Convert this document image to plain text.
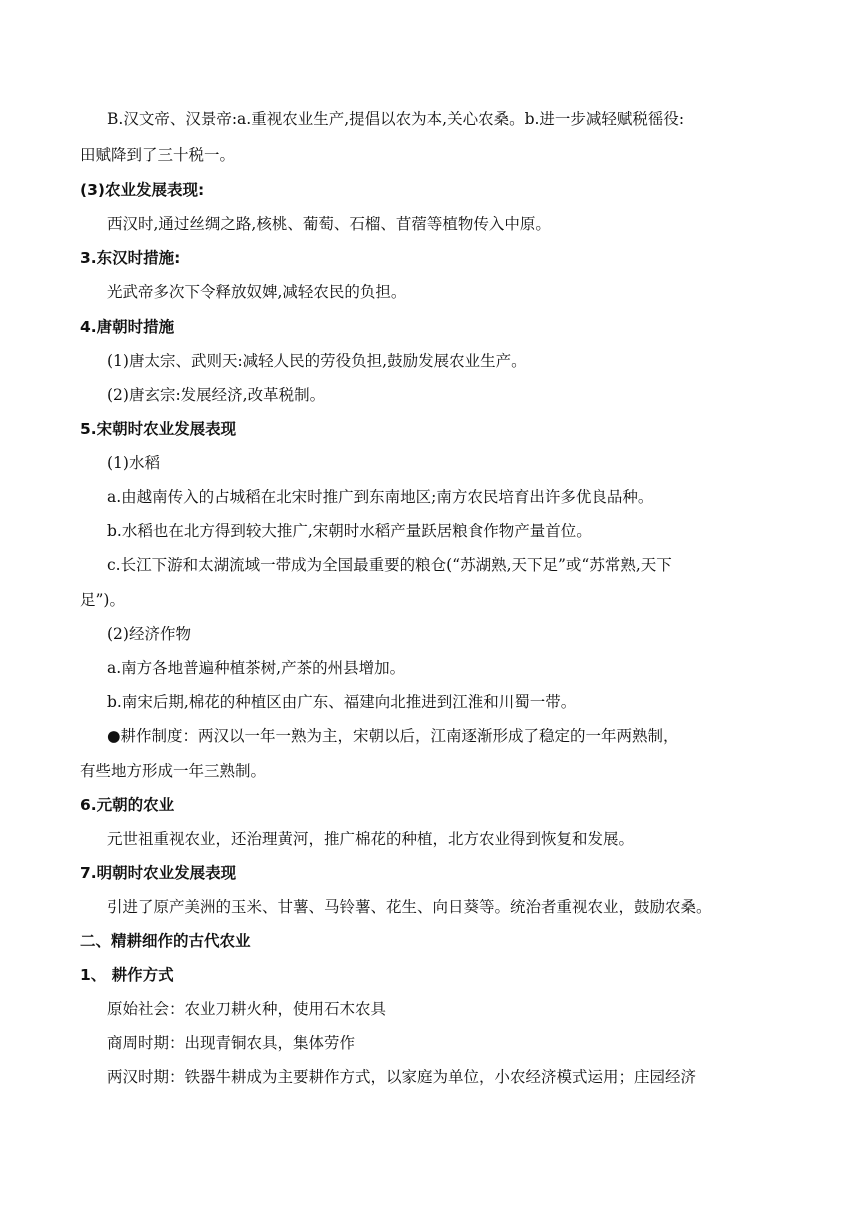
B.汉文帝、汉景帝:a.重视农业生产,提倡以农为本,关心农桑。b.进一步减轻赋税徭役:
田赋降到了三十税一。
(3)农业发展表现:
西汉时,通过丝绸之路,核桃、葡萄、石榴、苜蓿等植物传入中原。
3.东汉时措施:
光武帝多次下令释放奴婢,减轻农民的负担。
4.唐朝时措施
(1)唐太宗、武则天:减轻人民的劳役负担,鼓励发展农业生产。
(2)唐玄宗:发展经济,改革税制。
5.宋朝时农业发展表现
(1)水稻
a.由越南传入的占城稻在北宋时推广到东南地区;南方农民培育出许多优良品种。
b.水稻也在北方得到较大推广,宋朝时水稻产量跃居粮食作物产量首位。
c.长江下游和太湖流域一带成为全国最重要的粮仓(“苏湖熟,天下足”或“苏常熟,天下
足”)。
(2)经济作物
a.南方各地普遍种植茶树,产茶的州县增加。
b.南宋后期,棉花的种植区由广东、福建向北推进到江淮和川蜀一带。
●耕作制度：两汉以一年一熟为主，宋朝以后，江南逐渐形成了稳定的一年两熟制，
有些地方形成一年三熟制。
6.元朝的农业
元世祖重视农业，还治理黄河，推广棉花的种植，北方农业得到恢复和发展。
7.明朝时农业发展表现
引进了原产美洲的玉米、甘薯、马铃薯、花生、向日葵等。统治者重视农业，鼓励农桑。
二、精耕细作的古代农业
1、 耕作方式
原始社会：农业刀耕火种，使用石木农具
商周时期：出现青铜农具，集体劳作
两汉时期：铁器牛耕成为主要耕作方式，以家庭为单位，小农经济模式运用；庄园经济
